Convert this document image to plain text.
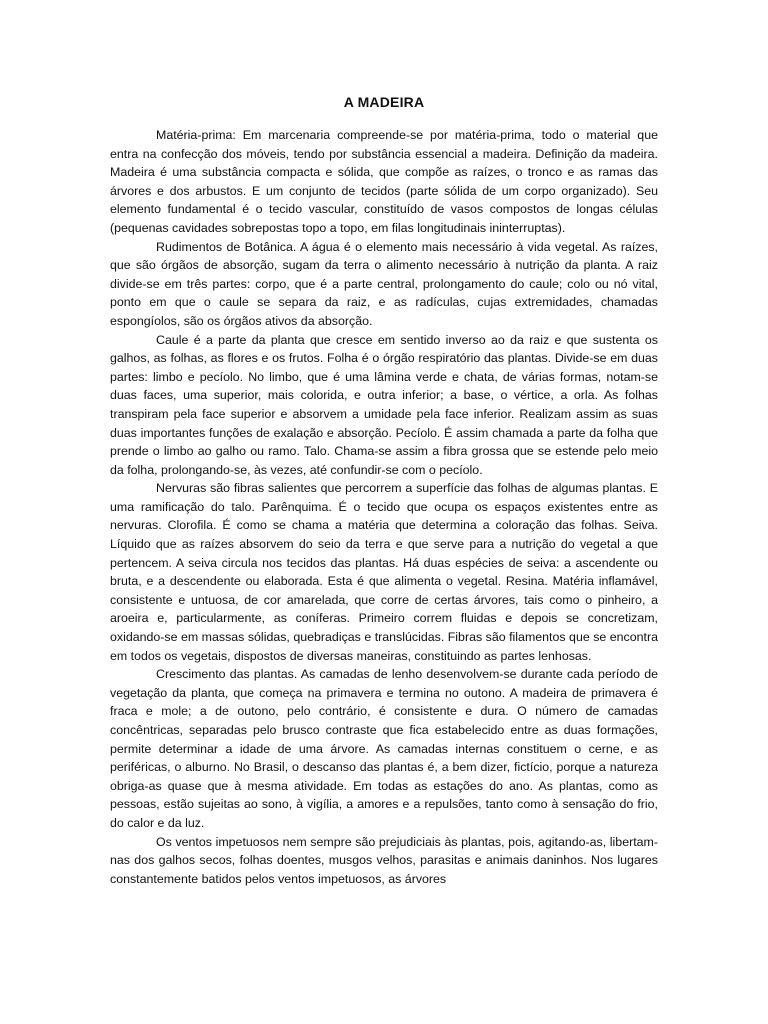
A MADEIRA

Matéria-prima: Em marcenaria compreende-se por matéria-prima, todo o material que entra na confecção dos móveis, tendo por substância essencial a madeira. Definição da madeira. Madeira é uma substância compacta e sólida, que compõe as raízes, o tronco e as ramas das árvores e dos arbustos. E um conjunto de tecidos (parte sólida de um corpo organizado). Seu elemento fundamental é o tecido vascular, constituído de vasos compostos de longas células (pequenas cavidades sobrepostas topo a topo, em filas longitudinais ininterruptas).

Rudimentos de Botânica. A água é o elemento mais necessário à vida vegetal. As raízes, que são órgãos de absorção, sugam da terra o alimento necessário à nutrição da planta. A raiz divide-se em três partes: corpo, que é a parte central, prolongamento do caule; colo ou nó vital, ponto em que o caule se separa da raiz, e as radículas, cujas extremidades, chamadas espongíolos, são os órgãos ativos da absorção.

Caule é a parte da planta que cresce em sentido inverso ao da raiz e que sustenta os galhos, as folhas, as flores e os frutos. Folha é o órgão respiratório das plantas. Divide-se em duas partes: limbo e pecíolo. No limbo, que é uma lâmina verde e chata, de várias formas, notam-se duas faces, uma superior, mais colorida, e outra inferior; a base, o vértice, a orla. As folhas transpiram pela face superior e absorvem a umidade pela face inferior. Realizam assim as suas duas importantes funções de exalação e absorção. Pecíolo. É assim chamada a parte da folha que prende o limbo ao galho ou ramo. Talo. Chama-se assim a fibra grossa que se estende pelo meio da folha, prolongando-se, às vezes, até confundir-se com o pecíolo.

Nervuras são fibras salientes que percorrem a superfície das folhas de algumas plantas. E uma ramificação do talo. Parênquima. É o tecido que ocupa os espaços existentes entre as nervuras. Clorofila. É como se chama a matéria que determina a coloração das folhas. Seiva. Líquido que as raízes absorvem do seio da terra e que serve para a nutrição do vegetal a que pertencem. A seiva circula nos tecidos das plantas. Há duas espécies de seiva: a ascendente ou bruta, e a descendente ou elaborada. Esta é que alimenta o vegetal. Resina. Matéria inflamável, consistente e untuosa, de cor amarelada, que corre de certas árvores, tais como o pinheiro, a aroeira e, particularmente, as coníferas. Primeiro correm fluidas e depois se concretizam, oxidando-se em massas sólidas, quebradiças e translúcidas. Fibras são filamentos que se encontra em todos os vegetais, dispostos de diversas maneiras, constituindo as partes lenhosas.

Crescimento das plantas. As camadas de lenho desenvolvem-se durante cada período de vegetação da planta, que começa na primavera e termina no outono. A madeira de primavera é fraca e mole; a de outono, pelo contrário, é consistente e dura. O número de camadas concêntricas, separadas pelo brusco contraste que fica estabelecido entre as duas formações, permite determinar a idade de uma árvore. As camadas internas constituem o cerne, e as periféricas, o alburno. No Brasil, o descanso das plantas é, a bem dizer, fictício, porque a natureza obriga-as quase que à mesma atividade. Em todas as estações do ano. As plantas, como as pessoas, estão sujeitas ao sono, à vigília, a amores e a repulsões, tanto como à sensação do frio, do calor e da luz.

Os ventos impetuosos nem sempre são prejudiciais às plantas, pois, agitando-as, libertam-nas dos galhos secos, folhas doentes, musgos velhos, parasitas e animais daninhos. Nos lugares constantemente batidos pelos ventos impetuosos, as árvores
